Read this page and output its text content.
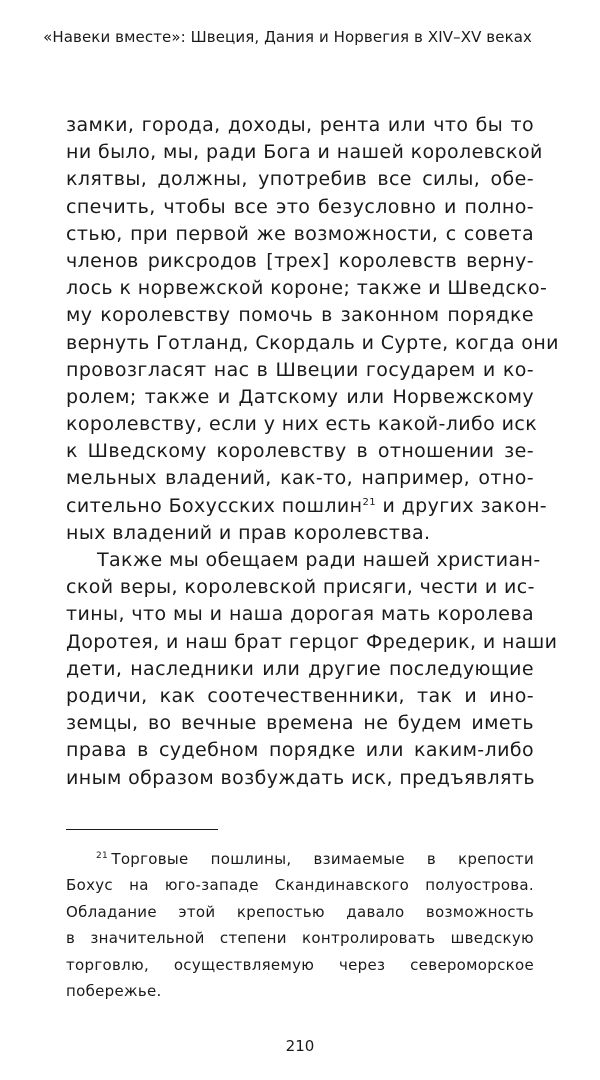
«Навеки вместе»: Швеция, Дания и Норвегия в XIV–XV веках
замки, города, доходы, рента или что бы то
ни было, мы, ради Бога и нашей королевской
клятвы, должны, употребив все силы, обе-
спечить, чтобы все это безусловно и полно-
стью, при первой же возможности, с совета
членов риксродов [трех] королевств верну-
лось к норвежской короне; также и Шведско-
му королевству помочь в законном порядке
вернуть Готланд, Скордаль и Сурте, когда они
провозгласят нас в Швеции государем и ко-
ролем; также и Датскому или Норвежскому
королевству, если у них есть какой-либо иск
к Шведскому королевству в отношении зе-
мельных владений, как-то, например, отно-
сительно Бохусских пошлин$^{21}$ и других закон-
ных владений и прав королевства.
Также мы обещаем ради нашей христиан-
ской веры, королевской присяги, чести и ис-
тины, что мы и наша дорогая мать королева
Доротея, и наш брат герцог Фредерик, и наши
дети, наследники или другие последующие
родичи, как соотечественники, так и ино-
земцы, во вечные времена не будем иметь
права в судебном порядке или каким-либо
иным образом возбуждать иск, предъявлять
$^{21}$  Торговые пошлины, взимаемые в крепости
Бохус на юго-западе Скандинавского полуострова.
Обладание этой крепостью давало возможность
в значительной степени контролировать шведскую
торговлю, осуществляемую через североморское
побережье.
210
